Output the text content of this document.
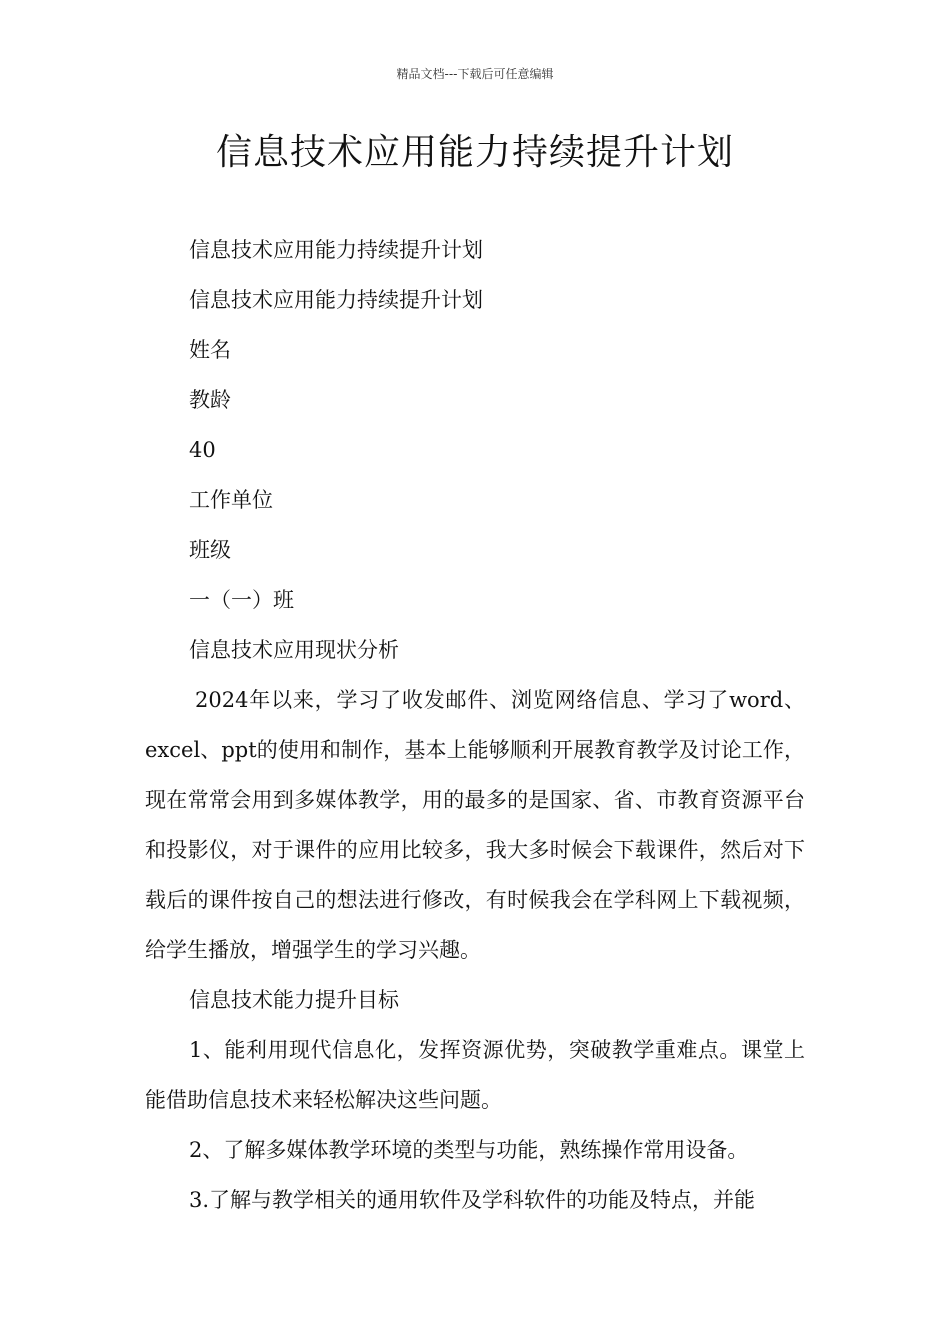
精品文档---下载后可任意编辑
信息技术应用能力持续提升计划

信息技术应用能力持续提升计划

信息技术应用能力持续提升计划

姓名

教龄

40

工作单位

班级

一（一）班

信息技术应用现状分析

2024年以来，学习了收发邮件、浏览网络信息、学习了word、excel、ppt的使用和制作，基本上能够顺利开展教育教学及讨论工作，现在常常会用到多媒体教学，用的最多的是国家、省、市教育资源平台和投影仪，对于课件的应用比较多，我大多时候会下载课件，然后对下载后的课件按自己的想法进行修改，有时候我会在学科网上下载视频，给学生播放，增强学生的学习兴趣。

信息技术能力提升目标

1、能利用现代信息化，发挥资源优势，突破教学重难点。课堂上能借助信息技术来轻松解决这些问题。

2、了解多媒体教学环境的类型与功能，熟练操作常用设备。

3.了解与教学相关的通用软件及学科软件的功能及特点，并能
